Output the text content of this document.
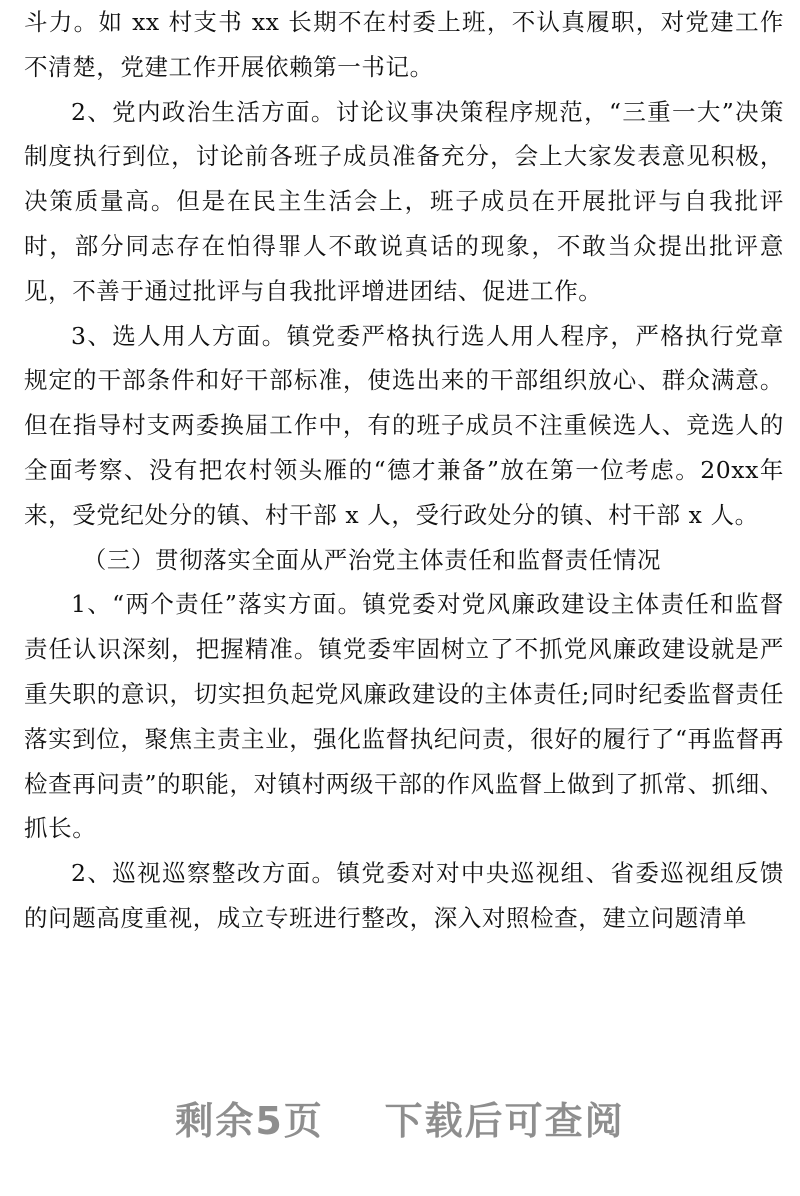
斗力。如 xx 村支书 xx 长期不在村委上班，不认真履职，对党建工作不清楚，党建工作开展依赖第一书记。

2、党内政治生活方面。讨论议事决策程序规范，“三重一大”决策制度执行到位，讨论前各班子成员准备充分，会上大家发表意见积极，决策质量高。但是在民主生活会上，班子成员在开展批评与自我批评时，部分同志存在怕得罪人不敢说真话的现象，不敢当众提出批评意见，不善于通过批评与自我批评增进团结、促进工作。

3、选人用人方面。镇党委严格执行选人用人程序，严格执行党章规定的干部条件和好干部标准，使选出来的干部组织放心、群众满意。但在指导村支两委换届工作中，有的班子成员不注重候选人、竞选人的全面考察、没有把农村领头雁的“德才兼备”放在第一位考虑。20xx年来，受党纪处分的镇、村干部 x 人，受行政处分的镇、村干部 x 人。

（三）贯彻落实全面从严治党主体责任和监督责任情况

1、“两个责任”落实方面。镇党委对党风廉政建设主体责任和监督责任认识深刻，把握精准。镇党委牢固树立了不抓党风廉政建设就是严重失职的意识，切实担负起党风廉政建设的主体责任;同时纪委监督责任落实到位，聚焦主责主业，强化监督执纪问责，很好的履行了“再监督再检查再问责”的职能，对镇村两级干部的作风监督上做到了抓常、抓细、抓长。

2、巡视巡察整改方面。镇党委对对中央巡视组、省委巡视组反馈的问题高度重视，成立专班进行整改，深入对照检查，建立问题清单

剩余5页    下载后可查阅
